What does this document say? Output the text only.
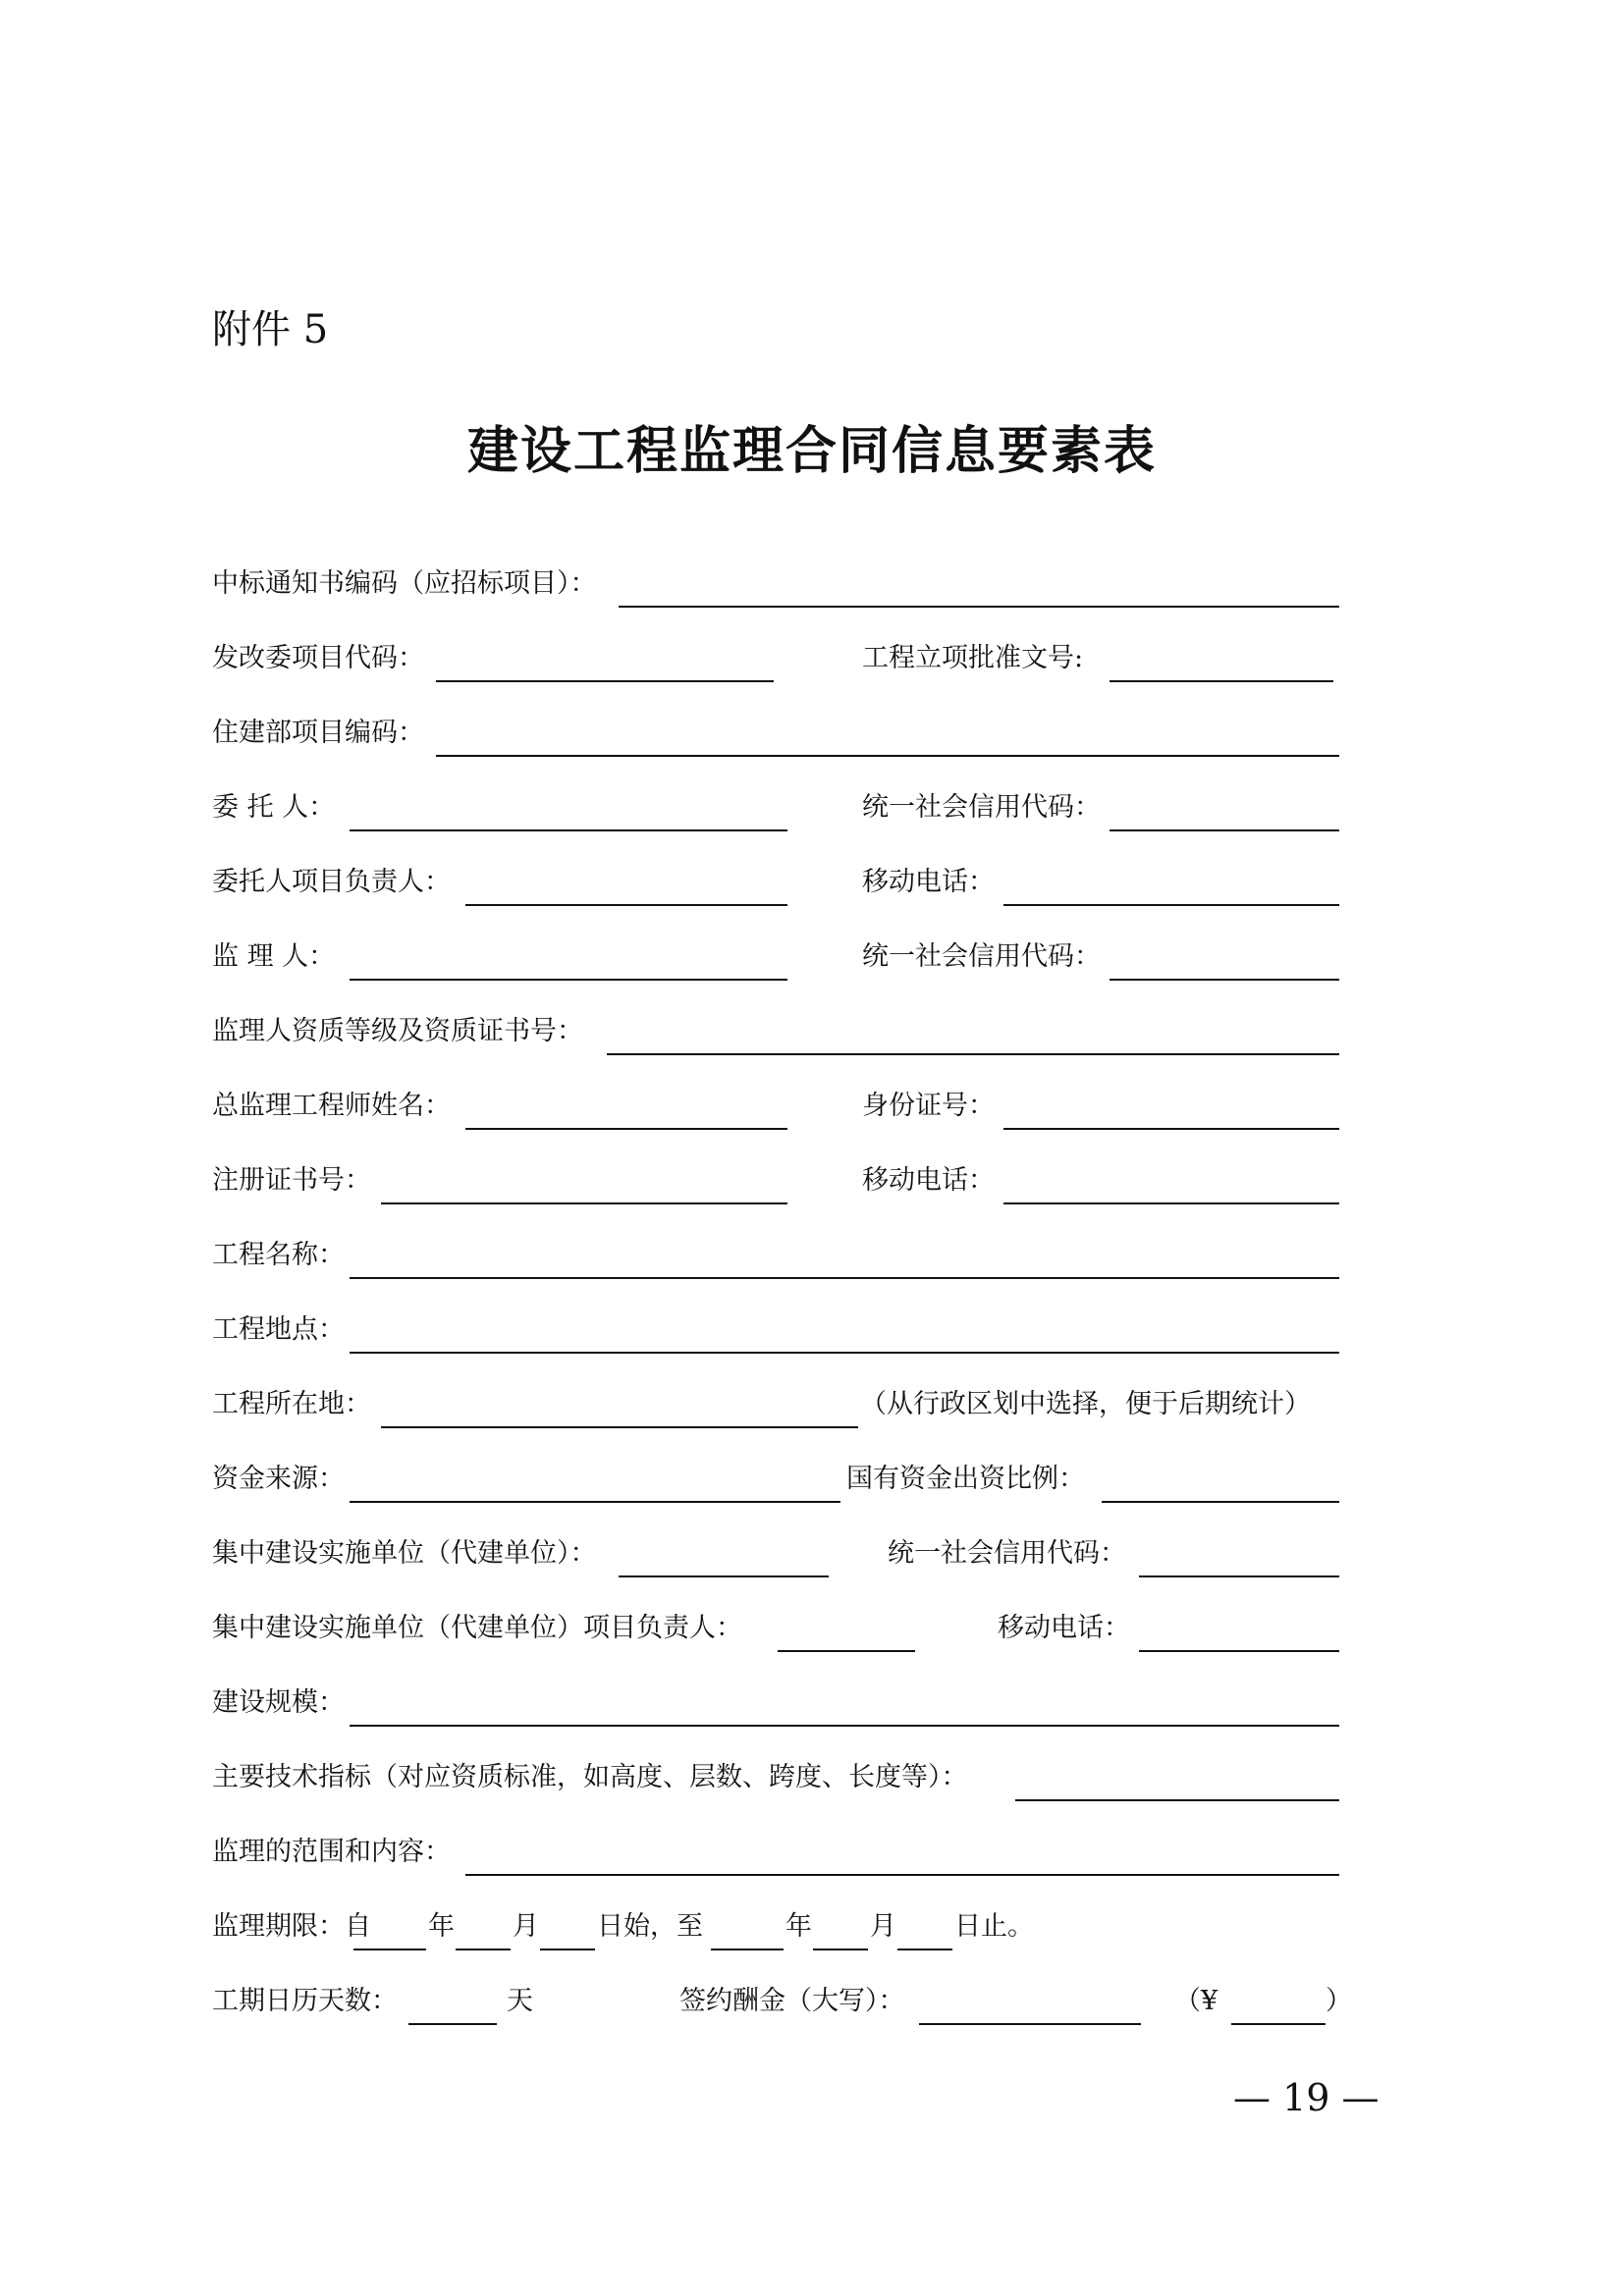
附件 5
建设工程监理合同信息要素表
中标通知书编码（应招标项目）：
发改委项目代码：	工程立项批准文号:
住建部项目编码：
委 托 人：	统一社会信用代码：
委托人项目负责人：	移动电话：
监 理 人：	统一社会信用代码：
监理人资质等级及资质证书号：
总监理工程师姓名：	身份证号：
注册证书号：	移动电话：
工程名称：
工程地点：
工程所在地：	（从行政区划中选择，便于后期统计）
资金来源：	国有资金出资比例：
集中建设实施单位（代建单位）：	统一社会信用代码：
集中建设实施单位（代建单位）项目负责人：	移动电话：
建设规模：
主要技术指标（对应资质标准，如高度、层数、跨度、长度等）：
监理的范围和内容：
监理期限：自 年 月 日始，至	年 月 日止。
工期日历天数：	天	签约酬金（大写）：	（¥	）
— 19 —
